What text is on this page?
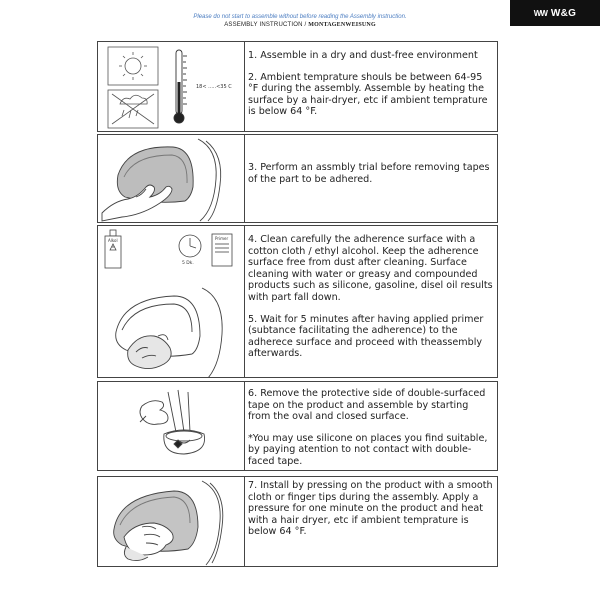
WW W&G
Please do not start to assemble without before reading the Assembly instruction.
ASSEMBLY INSTRUCTION / MONTAGENWEISUNG
18< .....<35 C

1. Assemble in a dry and dust-free environment

2. Ambient temprature shouls be between 64-95 °F during the assembly. Assemble by heating the surface by a hair-dryer, etc if ambient temprature is below 64 °F.

3. Perform an assmbly trial before removing tapes of the part to be adhered.

Alkol
5 Dk.
Primer 4. Clean carefully the adherence surface with a cotton cloth / ethyl alcohol. Keep the adherence surface free from dust after cleaning. Surface cleaning with water or greasy and compounded products such as silicone, gasoline, disel oil results with part fall down.

5. Wait for 5 minutes after having applied primer (subtance facilitating the adherence) to the adherece surface and proceed with theassembly afterwards.

6. Remove the protective side of double-surfaced tape on the product and assemble by starting from the oval and closed surface.

*You may use silicone on places you find suitable, by paying atention to not contact with double-faced tape.

7. Install by pressing on the product with a smooth cloth or finger tips during the assembly. Apply a pressure for one minute on the product and heat with a hair dryer, etc if ambient temprature is below 64 °F.
